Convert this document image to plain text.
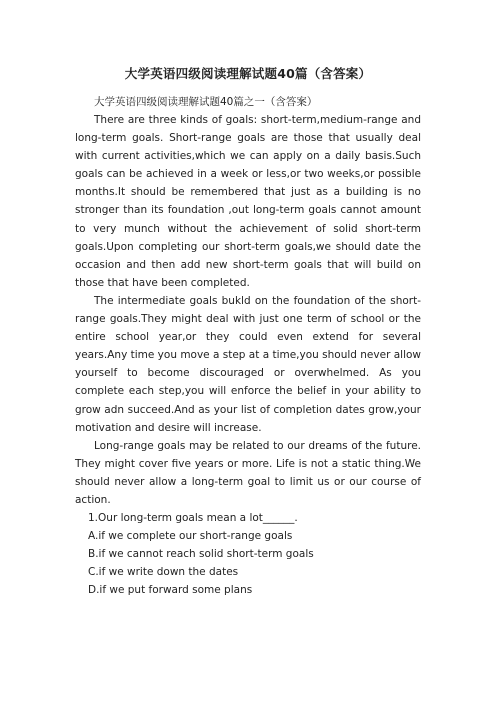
大学英语四级阅读理解试题40篇（含答案）

大学英语四级阅读理解试题40篇之一（含答案）

There are three kinds of goals: short-term,medium-range and long-term goals. Short-range goals are those that usually deal with current activities,which we can apply on a daily basis.Such goals can be achieved in a week or less,or two weeks,or possible months.It should be remembered that just as a building is no stronger than its foundation ,out long-term goals cannot amount to very munch without the achievement of solid short-term goals.Upon completing our short-term goals,we should date the occasion and then add new short-term goals that will build on those that have been completed.

The intermediate goals bukld on the foundation of the short-range goals.They might deal with just one term of school or the entire school year,or they could even extend for several years.Any time you move a step at a time,you should never allow yourself to become discouraged or overwhelmed. As you complete each step,you will enforce the belief in your ability to grow adn succeed.And as your list of completion dates grow,your motivation and desire will increase.

Long-range goals may be related to our dreams of the future. They might cover five years or more. Life is not a static thing.We should never allow a long-term goal to limit us or our course of action.

1.Our long-term goals mean a lot______.

A.if we complete our short-range goals

B.if we cannot reach solid short-term goals

C.if we write down the dates

D.if we put forward some plans
